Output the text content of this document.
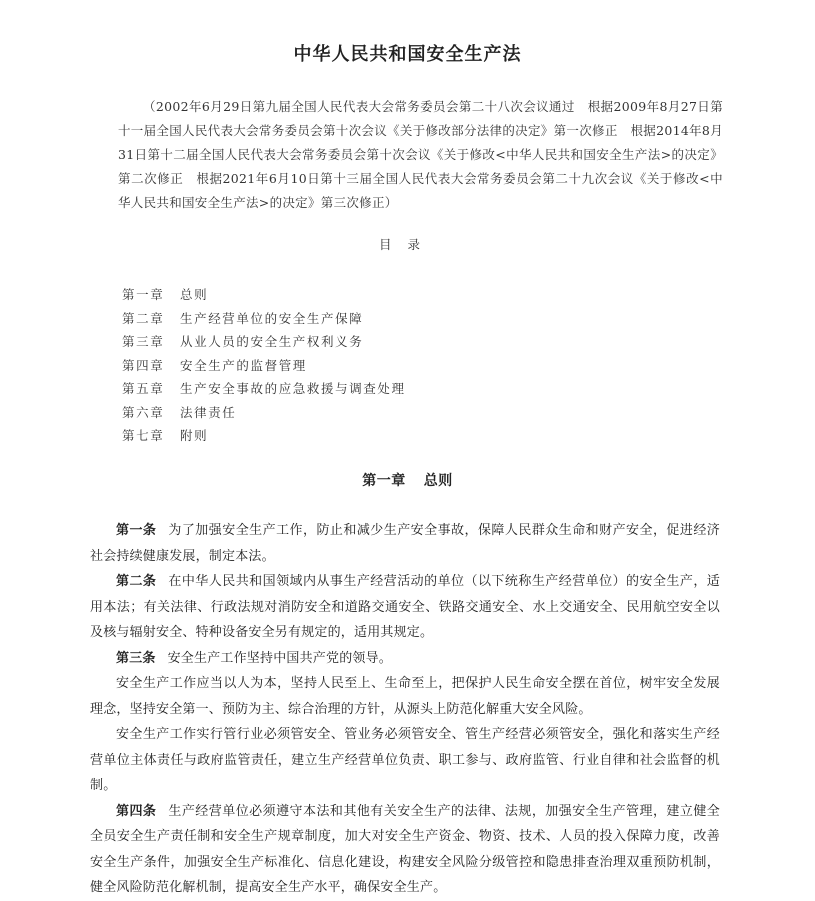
中华人民共和国安全生产法
（2002年6月29日第九届全国人民代表大会常务委员会第二十八次会议通过　根据2009年8月27日第十一届全国人民代表大会常务委员会第十次会议《关于修改部分法律的决定》第一次修正　根据2014年8月31日第十二届全国人民代表大会常务委员会第十次会议《关于修改<中华人民共和国安全生产法>的决定》第二次修正　根据2021年6月10日第十三届全国人民代表大会常务委员会第二十九次会议《关于修改<中华人民共和国安全生产法>的决定》第三次修正）
目录
第一章 总则
第二章 生产经营单位的安全生产保障
第三章 从业人员的安全生产权利义务
第四章 安全生产的监督管理
第五章 生产安全事故的应急救援与调查处理
第六章 法律责任
第七章 附则
第一章 总则

第一条 为了加强安全生产工作，防止和减少生产安全事故，保障人民群众生命和财产安全，促进经济社会持续健康发展，制定本法。

第二条 在中华人民共和国领域内从事生产经营活动的单位（以下统称生产经营单位）的安全生产，适用本法；有关法律、行政法规对消防安全和道路交通安全、铁路交通安全、水上交通安全、民用航空安全以及核与辐射安全、特种设备安全另有规定的，适用其规定。

第三条 安全生产工作坚持中国共产党的领导。

安全生产工作应当以人为本，坚持人民至上、生命至上，把保护人民生命安全摆在首位，树牢安全发展理念，坚持安全第一、预防为主、综合治理的方针，从源头上防范化解重大安全风险。

安全生产工作实行管行业必须管安全、管业务必须管安全、管生产经营必须管安全，强化和落实生产经营单位主体责任与政府监管责任，建立生产经营单位负责、职工参与、政府监管、行业自律和社会监督的机制。

第四条 生产经营单位必须遵守本法和其他有关安全生产的法律、法规，加强安全生产管理，建立健全全员安全生产责任制和安全生产规章制度，加大对安全生产资金、物资、技术、人员的投入保障力度，改善安全生产条件，加强安全生产标准化、信息化建设，构建安全风险分级管控和隐患排查治理双重预防机制，健全风险防范化解机制，提高安全生产水平，确保安全生产。
